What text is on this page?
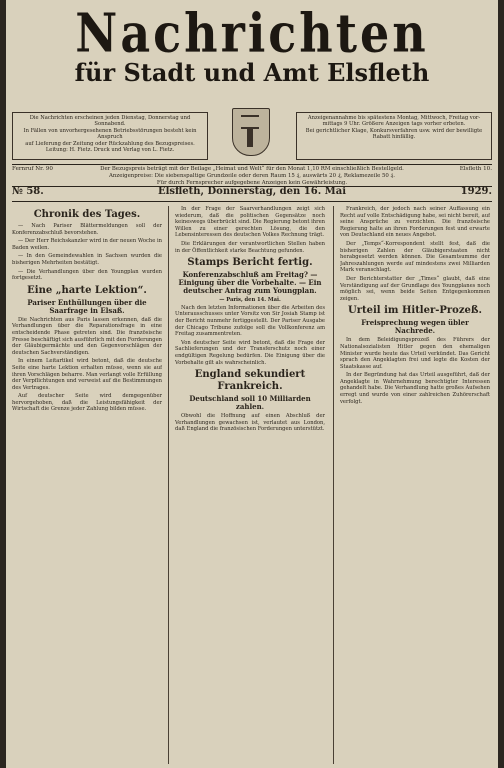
Nachrichten
für Stadt und Amt Elsfleth
Die Nachrichten erscheinen jeden Dienstag, Donnerstag und Sonnabend.
In Fällen von unvorhergesehenen Betriebsstörungen besteht kein Anspruch
auf Lieferung der Zeitung oder Rückzahlung des Bezugspreises.
Leitung: H. Fietz. Druck und Verlag von L. Fietz.
Anzeigenannahme bis spätestens Montag, Mittwoch, Freitag vor-
mittags 9 Uhr. Größere Anzeigen tags vorher erbeten.
Bei gerichtlicher Klage, Konkursverfahren usw. wird der bewilligte
Rabatt hinfällig.
Fernruf Nr. 90	Elsfleth 10.
Der Bezugspreis beträgt mit der Beilage „Heimat und Welt“ für den Monat 1,10 RM einschließlich Bestellgeld.
Anzeigenpreise: Die siebenspaltige Grundzeile oder deren Raum 15 ₰, auswärts 20 ₰, Reklamezeile 50 ₰.
Für durch Fernsprecher aufgegebene Anzeigen kein Gewährleistung.
№ 58.	Elsfleth, Donnerstag, den 16. Mai	1929.
Chronik des Tages.

— Nach Pariser Blättermeldungen soll der Konferenzabschluß bevorstehen.

— Der Herr Reichskanzler wird in der neuen Woche in Baden weilen.

— In den Gemeindewahlen in Sachsen wurden die bisherigen Mehrheiten bestätigt.

— Die Verhandlungen über den Youngplan wurden fortgesetzt.

Eine „harte Lektion“.
Pariser Enthüllungen über die Saarfrage in Elsaß.

Die Nachrichten aus Paris lassen erkennen, daß die Verhandlungen über die Reparationsfrage in eine entscheidende Phase getreten sind. Die französische Presse beschäftigt sich ausführlich mit den Forderungen der Gläubigermächte und den Gegenvorschlägen der deutschen Sachverständigen.

In einem Leitartikel wird betont, daß die deutsche Seite eine harte Lektion erhalten müsse, wenn sie auf ihren Vorschlägen beharre. Man verlangt volle Erfüllung der Verpflichtungen und verweist auf die Bestimmungen des Vertrages.

Auf deutscher Seite wird demgegenüber hervorgehoben, daß die Leistungsfähigkeit der Wirtschaft die Grenze jeder Zahlung bilden müsse.

In der Frage der Saarverhandlungen zeigt sich wiederum, daß die politischen Gegensätze noch keineswegs überbrückt sind. Die Regierung betont ihren Willen zu einer gerechten Lösung, die den Lebensinteressen des deutschen Volkes Rechnung trägt.

Die Erklärungen der verantwortlichen Stellen haben in der Öffentlichkeit starke Beachtung gefunden.

Stamps Bericht fertig.
Konferenzabschluß am Freitag? — Einigung über die Vorbehalte. — Ein deutscher Antrag zum Youngplan.
— Paris, den 14. Mai.

Nach den letzten Informationen über die Arbeiten des Unterausschusses unter Vorsitz von Sir Josiah Stamp ist der Bericht nunmehr fertiggestellt. Der Pariser Ausgabe der Chicago Tribune zufolge soll die Vollkonferenz am Freitag zusammentreten.

Von deutscher Seite wird betont, daß die Frage der Sachlieferungen und der Transferschutz noch einer endgültigen Regelung bedürfen. Die Einigung über die Vorbehalte gilt als wahrscheinlich.

England sekundiert Frankreich.
Deutschland soll 10 Milliarden zahlen.

Obwohl die Hoffnung auf einen Abschluß der Verhandlungen gewachsen ist, verlautet aus London, daß England die französischen Forderungen unterstützt.

Frankreich, der jedoch nach seiner Auffassung ein Recht auf volle Entschädigung habe, sei nicht bereit, auf seine Ansprüche zu verzichten. Die französische Regierung halte an ihren Forderungen fest und erwarte von Deutschland ein neues Angebot.

Der „Temps“-Korrespondent stellt fest, daß die bisherigen Zahlen der Gläubigerstaaten nicht herabgesetzt werden können. Die Gesamtsumme der Jahreszahlungen werde auf mindestens zwei Milliarden Mark veranschlagt.

Der Berichterstatter der „Times“ glaubt, daß eine Verständigung auf der Grundlage des Youngplanes noch möglich sei, wenn beide Seiten Entgegenkommen zeigen.

Urteil im Hitler-Prozeß.
Freisprechung wegen übler Nachrede.

In dem Beleidigungsprozeß des Führers der Nationalsozialisten Hitler gegen den ehemaligen Minister wurde heute das Urteil verkündet. Das Gericht sprach den Angeklagten frei und legte die Kosten der Staatskasse auf.

In der Begründung hat das Urteil ausgeführt, daß der Angeklagte in Wahrnehmung berechtigter Interessen gehandelt habe. Die Verhandlung hatte großes Aufsehen erregt und wurde von einer zahlreichen Zuhörerschaft verfolgt.
